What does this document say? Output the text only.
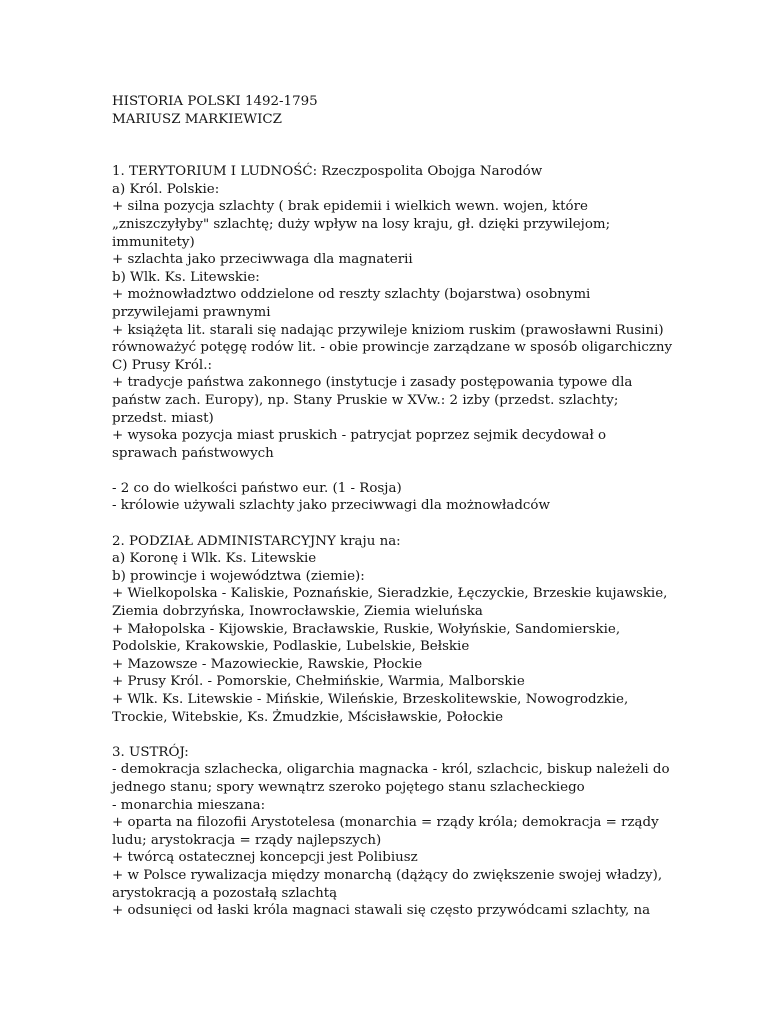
HISTORIA POLSKI 1492-1795
MARIUSZ MARKIEWICZ
1. TERYTORIUM I LUDNOŚĆ: Rzeczpospolita Obojga Narodów
a) Król. Polskie:
+ silna pozycja szlachty ( brak epidemii i wielkich wewn. wojen, które
„zniszczyłyby" szlachtę; duży wpływ na losy kraju, gł. dzięki przywilejom;
immunitety)
+ szlachta jako przeciwwaga dla magnaterii
b) Wlk. Ks. Litewskie:
+ możnowładztwo oddzielone od reszty szlachty (bojarstwa) osobnymi
przywilejami prawnymi
+ książęta lit. starali się nadając przywileje kniziom ruskim (prawosławni Rusini)
równoważyć potęgę rodów lit. - obie prowincje zarządzane w sposób oligarchiczny
C) Prusy Król.:
+ tradycje państwa zakonnego (instytucje i zasady postępowania typowe dla
państw zach. Europy), np. Stany Pruskie w XVw.: 2 izby (przedst. szlachty;
przedst. miast)
+ wysoka pozycja miast pruskich - patrycjat poprzez sejmik decydował o
sprawach państwowych
- 2 co do wielkości państwo eur. (1 - Rosja)
- królowie używali szlachty jako przeciwwagi dla możnowładców
2. PODZIAŁ ADMINISTARCYJNY kraju na:
a) Koronę i Wlk. Ks. Litewskie
b) prowincje i województwa (ziemie):
+ Wielkopolska - Kaliskie, Poznańskie, Sieradzkie, Łęczyckie, Brzeskie kujawskie,
Ziemia dobrzyńska, Inowrocławskie, Ziemia wieluńska
+ Małopolska - Kijowskie, Bracławskie, Ruskie, Wołyńskie, Sandomierskie,
Podolskie, Krakowskie, Podlaskie, Lubelskie, Bełskie
+ Mazowsze - Mazowieckie, Rawskie, Płockie
+ Prusy Król. - Pomorskie, Chełmińskie, Warmia, Malborskie
+ Wlk. Ks. Litewskie - Mińskie, Wileńskie, Brzeskolitewskie, Nowogrodzkie,
Trockie, Witebskie, Ks. Żmudzkie, Mścisławskie, Połockie
3. USTRÓJ:
- demokracja szlachecka, oligarchia magnacka - król, szlachcic, biskup należeli do
jednego stanu; spory wewnątrz szeroko pojętego stanu szlacheckiego
- monarchia mieszana:
+ oparta na filozofii Arystotelesa (monarchia = rządy króla; demokracja = rządy
ludu; arystokracja = rządy najlepszych)
+ twórcą ostatecznej koncepcji jest Polibiusz
+ w Polsce rywalizacja między monarchą (dążący do zwiększenie swojej władzy),
arystokracją a pozostałą szlachtą
+ odsunięci od łaski króla magnaci stawali się często przywódcami szlachty, na
